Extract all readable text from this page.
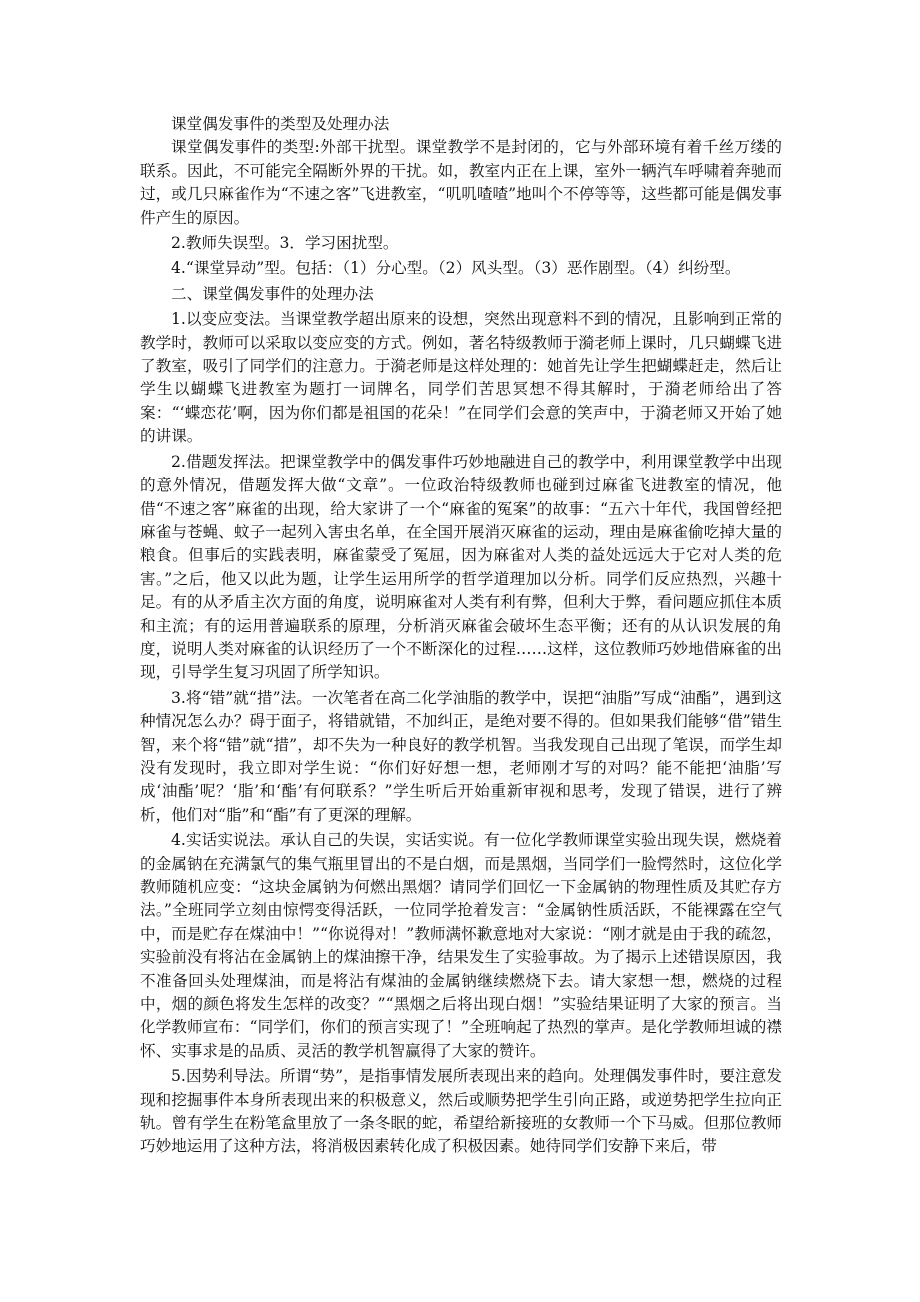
课堂偶发事件的类型及处理办法

课堂偶发事件的类型:外部干扰型。课堂教学不是封闭的，它与外部环境有着千丝万缕的联系。因此，不可能完全隔断外界的干扰。如，教室内正在上课，室外一辆汽车呼啸着奔驰而过，或几只麻雀作为“不速之客”飞进教室，“叽叽喳喳”地叫个不停等等，这些都可能是偶发事件产生的原因。

2.教师失误型。3．学习困扰型。

4.“课堂异动”型。包括：（1）分心型。（2）风头型。（3）恶作剧型。（4）纠纷型。

二、课堂偶发事件的处理办法

1.以变应变法。当课堂教学超出原来的设想，突然出现意料不到的情况，且影响到正常的教学时，教师可以采取以变应变的方式。例如，著名特级教师于漪老师上课时，几只蝴蝶飞进了教室，吸引了同学们的注意力。于漪老师是这样处理的：她首先让学生把蝴蝶赶走，然后让学生以蝴蝶飞进教室为题打一词牌名，同学们苦思冥想不得其解时，于漪老师给出了答案：“‘蝶恋花’啊，因为你们都是祖国的花朵！”在同学们会意的笑声中，于漪老师又开始了她的讲课。

2.借题发挥法。把课堂教学中的偶发事件巧妙地融进自己的教学中，利用课堂教学中出现的意外情况，借题发挥大做“文章”。一位政治特级教师也碰到过麻雀飞进教室的情况，他借“不速之客”麻雀的出现，给大家讲了一个“麻雀的冤案”的故事：“五六十年代，我国曾经把麻雀与苍蝇、蚊子一起列入害虫名单，在全国开展消灭麻雀的运动，理由是麻雀偷吃掉大量的粮食。但事后的实践表明，麻雀蒙受了冤屈，因为麻雀对人类的益处远远大于它对人类的危害。”之后，他又以此为题，让学生运用所学的哲学道理加以分析。同学们反应热烈，兴趣十足。有的从矛盾主次方面的角度，说明麻雀对人类有利有弊，但利大于弊，看问题应抓住本质和主流；有的运用普遍联系的原理，分析消灭麻雀会破坏生态平衡；还有的从认识发展的角度，说明人类对麻雀的认识经历了一个不断深化的过程……这样，这位教师巧妙地借麻雀的出现，引导学生复习巩固了所学知识。

3.将“错”就“措”法。一次笔者在高二化学油脂的教学中，误把“油脂”写成“油酯”，遇到这种情况怎么办？碍于面子，将错就错，不加纠正，是绝对要不得的。但如果我们能够“借”错生智，来个将“错”就“措”，却不失为一种良好的教学机智。当我发现自己出现了笔误，而学生却没有发现时，我立即对学生说：“你们好好想一想，老师刚才写的对吗？能不能把‘油脂’写成‘油酯’呢？‘脂’和‘酯’有何联系？”学生听后开始重新审视和思考，发现了错误，进行了辨析，他们对“脂”和“酯”有了更深的理解。

4.实话实说法。承认自己的失误，实话实说。有一位化学教师课堂实验出现失误，燃烧着的金属钠在充满氯气的集气瓶里冒出的不是白烟，而是黑烟，当同学们一脸愕然时，这位化学教师随机应变：“这块金属钠为何燃出黑烟？请同学们回忆一下金属钠的物理性质及其贮存方法。”全班同学立刻由惊愕变得活跃，一位同学抢着发言：“金属钠性质活跃，不能裸露在空气中，而是贮存在煤油中！”“你说得对！”教师满怀歉意地对大家说：“刚才就是由于我的疏忽，实验前没有将沾在金属钠上的煤油擦干净，结果发生了实验事故。为了揭示上述错误原因，我不准备回头处理煤油，而是将沾有煤油的金属钠继续燃烧下去。请大家想一想，燃烧的过程中，烟的颜色将发生怎样的改变？”“黑烟之后将出现白烟！”实验结果证明了大家的预言。当化学教师宣布：“同学们，你们的预言实现了！”全班响起了热烈的掌声。是化学教师坦诚的襟怀、实事求是的品质、灵活的教学机智赢得了大家的赞许。

5.因势利导法。所谓“势”，是指事情发展所表现出来的趋向。处理偶发事件时，要注意发现和挖掘事件本身所表现出来的积极意义，然后或顺势把学生引向正路，或逆势把学生拉向正轨。曾有学生在粉笔盒里放了一条冬眠的蛇，希望给新接班的女教师一个下马威。但那位教师巧妙地运用了这种方法，将消极因素转化成了积极因素。她待同学们安静下来后，带
